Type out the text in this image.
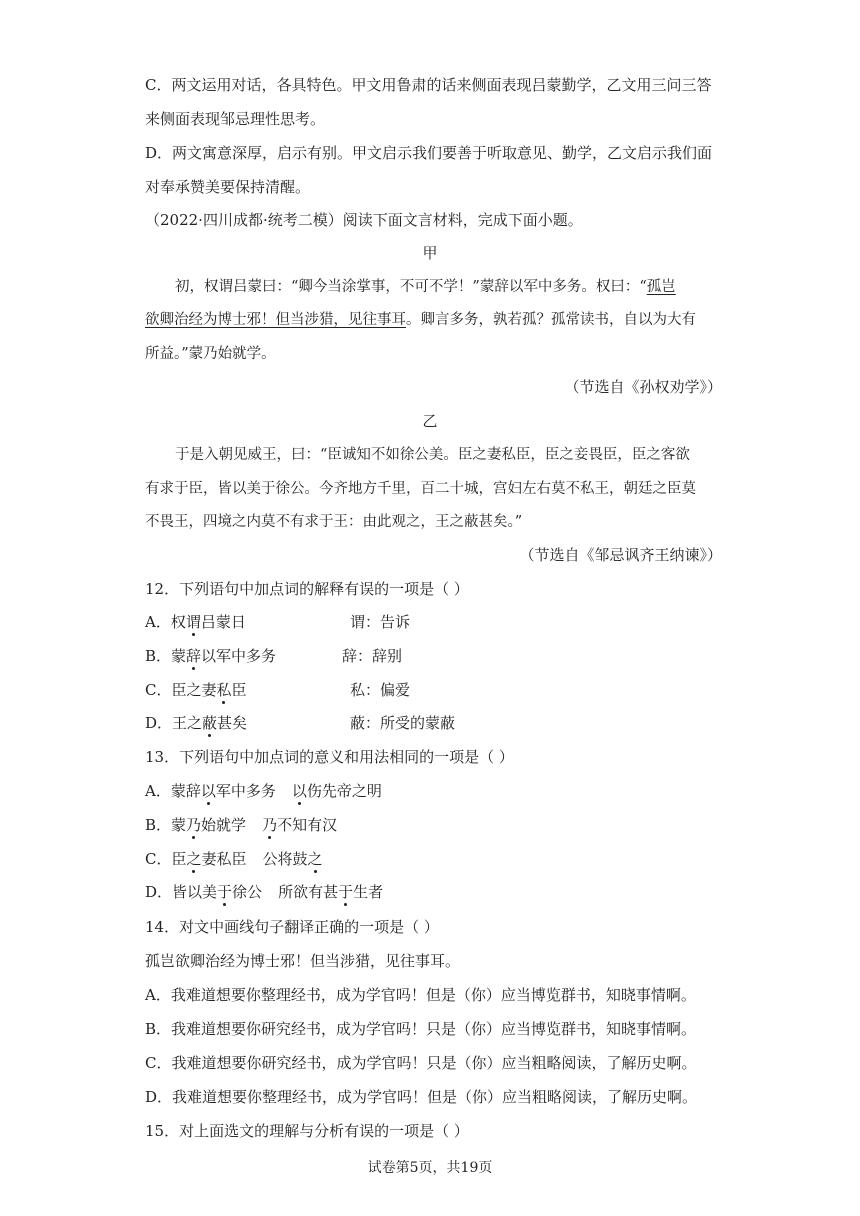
C．两文运用对话，各具特色。甲文用鲁肃的话来侧面表现吕蒙勤学，乙文用三问三答
来侧面表现邹忌理性思考。
D．两文寓意深厚，启示有别。甲文启示我们要善于听取意见、勤学，乙文启示我们面
对奉承赞美要保持清醒。
（2022·四川成都·统考二模）阅读下面文言材料，完成下面小题。
甲
初，权谓吕蒙曰：“卿今当涂掌事，不可不学！”蒙辞以军中多务。权曰：“孤岂
欲卿治经为博士邪！但当涉猎，见往事耳。卿言多务，孰若孤？孤常读书，自以为大有
所益。”蒙乃始就学。
（节选自《孙权劝学》）
乙
于是入朝见威王，曰：“臣诚知不如徐公美。臣之妻私臣，臣之妾畏臣，臣之客欲
有求于臣，皆以美于徐公。今齐地方千里，百二十城，宫妇左右莫不私王，朝廷之臣莫
不畏王，四境之内莫不有求于王：由此观之，王之蔽甚矣。”
（节选自《邹忌讽齐王纳谏》）
12．下列语句中加点词的解释有误的一项是（ ）
A．权谓吕蒙日	谓：告诉
B．蒙辞以军中多务	辞：辞别
C．臣之妻私臣	私：偏爱
D．王之蔽甚矣	蔽：所受的蒙蔽
13．下列语句中加点词的意义和用法相同的一项是（ ）
A．蒙辞以军中多务 以伤先帝之明
B．蒙乃始就学 乃不知有汉
C．臣之妻私臣 公将鼓之
D．皆以美于徐公 所欲有甚于生者
14．对文中画线句子翻译正确的一项是（ ）
孤岂欲卿治经为博士邪！但当涉猎，见往事耳。
A．我难道想要你整理经书，成为学官吗！但是（你）应当博览群书，知晓事情啊。
B．我难道想要你研究经书，成为学官吗！只是（你）应当博览群书，知晓事情啊。
C．我难道想要你研究经书，成为学官吗！只是（你）应当粗略阅读，了解历史啊。
D．我难道想要你整理经书，成为学官吗！但是（你）应当粗略阅读，了解历史啊。
15．对上面选文的理解与分析有误的一项是（ ）
试卷第5页，共19页
